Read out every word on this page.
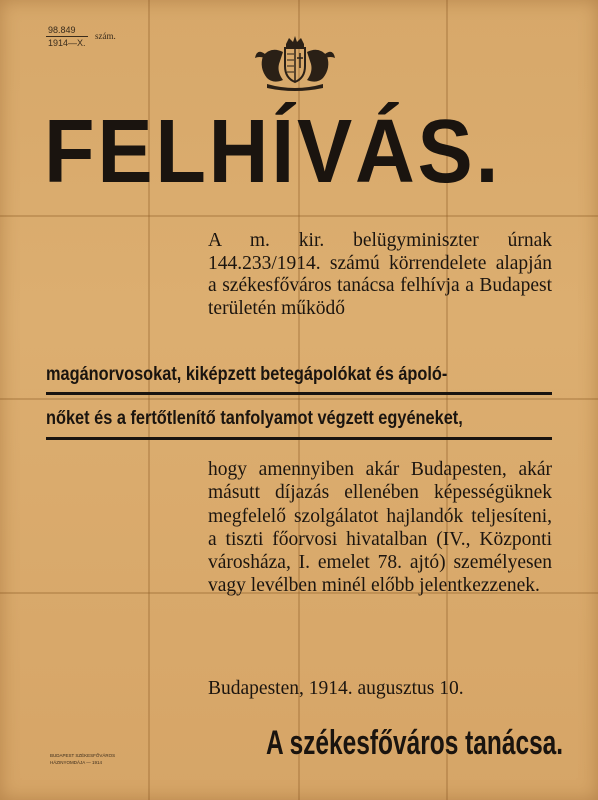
98.849
1914—X.
szám.
FELHÍVÁS.
A m. kir. belügyminiszter úrnak 144.233/1914. számú körrendelete alapján a székesfőváros tanácsa felhívja a Budapest területén működő
magánorvosokat, kiképzett betegápolókat és ápoló-
nőket és a fertőtlenítő tanfolyamot végzett egyéneket,
hogy amennyiben akár Budapesten, akár másutt díjazás ellenében képességüknek megfelelő szolgálatot hajlandók teljesíteni, a tiszti főorvosi hivatalban (IV., Központi városháza, I. emelet 78. ajtó) személyesen vagy levélben minél előbb jelentkezzenek.
Budapesten, 1914. augusztus 10.
A székesfőváros tanácsa.
BUDAPEST SZÉKESFŐVÁROS
HÁZINYOMDÁJA — 1914
